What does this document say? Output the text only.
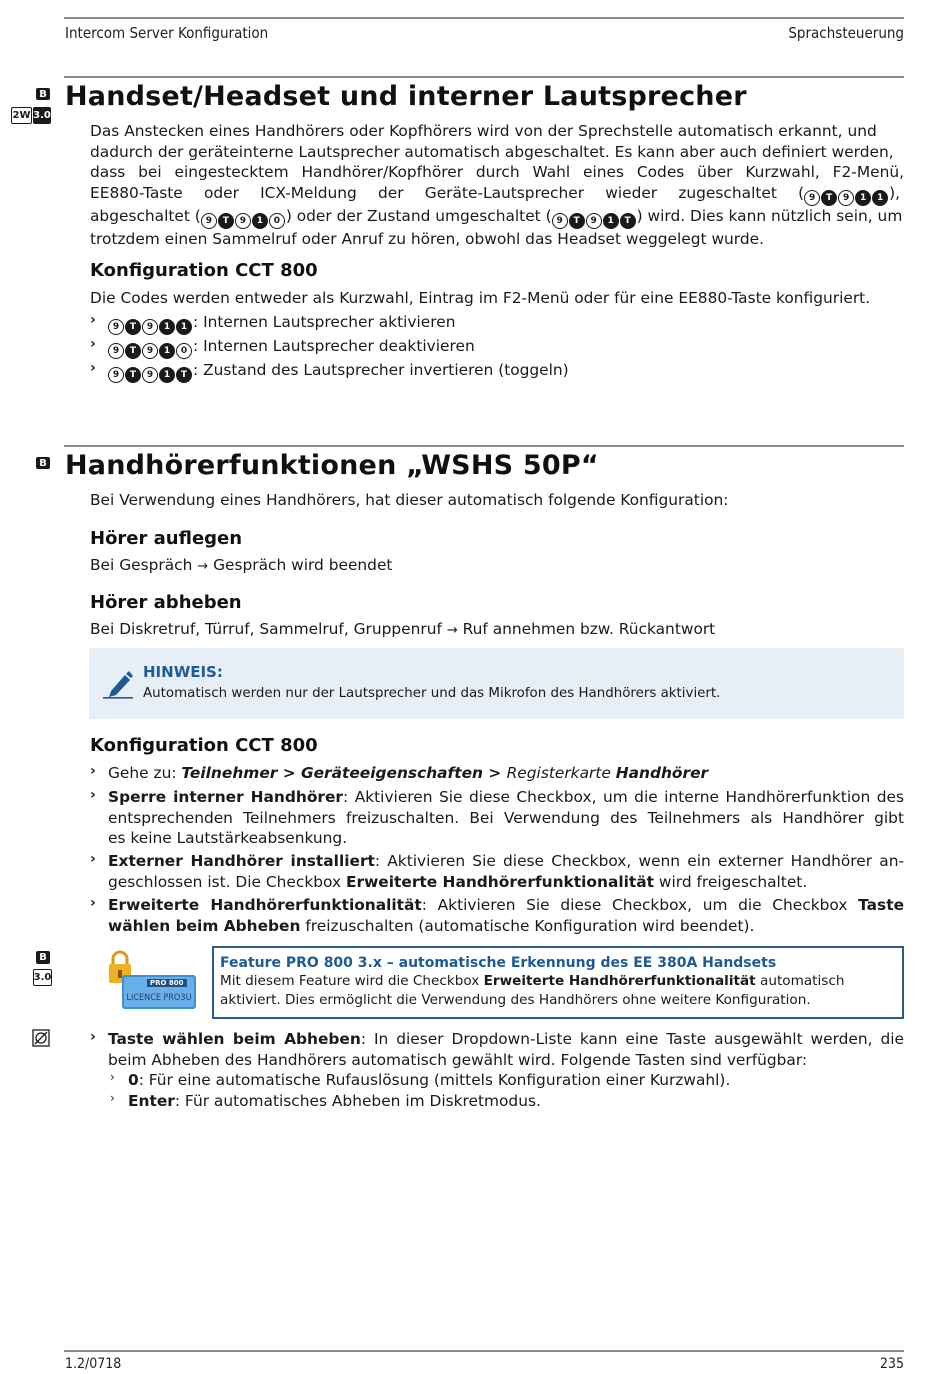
Intercom Server Konfiguration	Sprachsteuerung
B
2W 3.0
Handset/Headset und interner Lautsprecher
Das Anstecken eines Handhörers oder Kopfhörers wird von der Sprechstelle automatisch erkannt, und
dadurch der geräteinterne Lautsprecher automatisch abgeschaltet. Es kann aber auch definiert werden,
dass bei eingestecktem Handhörer/Kopfhörer durch Wahl eines Codes über Kurzwahl, F2-Menü,
EE880-Taste oder ICX-Meldung der Geräte-Lautsprecher wieder zugeschaltet ( 9 T 9 1 1 ),
abgeschaltet ( 9 T 9 1 0 ) oder der Zustand umgeschaltet ( 9 T 9 1 T ) wird. Dies kann nützlich sein, um
trotzdem einen Sammelruf oder Anruf zu hören, obwohl das Headset weggelegt wurde.
Konfiguration CCT 800
Die Codes werden entweder als Kurzwahl, Eintrag im F2-Menü oder für eine EE880-Taste konfiguriert.
›	9 T 9 1 1 : Internen Lautsprecher aktivieren
›	9 T 9 1 0 : Internen Lautsprecher deaktivieren
›	9 T 9 1 T : Zustand des Lautsprecher invertieren (toggeln)
B Handhörerfunktionen „WSHS 50P“
Bei Verwendung eines Handhörers, hat dieser automatisch folgende Konfiguration:
Hörer auflegen
Bei Gespräch → Gespräch wird beendet
Hörer abheben
Bei Diskretruf, Türruf, Sammelruf, Gruppenruf → Ruf annehmen bzw. Rückantwort
HINWEIS:
Automatisch werden nur der Lautsprecher und das Mikrofon des Handhörers aktiviert.
Konfiguration CCT 800
› Gehe zu: Teilnehmer > Geräteeigenschaften > Registerkarte Handhörer
› Sperre interner Handhörer: Aktivieren Sie diese Checkbox, um die interne Handhörerfunktion des
entsprechenden Teilnehmers freizuschalten. Bei Verwendung des Teilnehmers als Handhörer gibt
es keine Lautstärkeabsenkung.
› Externer Handhörer installiert: Aktivieren Sie diese Checkbox, wenn ein externer Handhörer an-
geschlossen ist. Die Checkbox Erweiterte Handhörerfunktionalität wird freigeschaltet.
› Erweiterte Handhörerfunktionalität: Aktivieren Sie diese Checkbox, um die Checkbox Taste
wählen beim Abheben freizuschalten (automatische Konfiguration wird beendet).
B
3.0	PRO 800
LICENCE PRO3U
Feature PRO 800 3.x – automatische Erkennung des EE 380A Handsets
Mit diesem Feature wird die Checkbox Erweiterte Handhörerfunktionalität automatisch
aktiviert. Dies ermöglicht die Verwendung des Handhörers ohne weitere Konfiguration.
› Taste wählen beim Abheben: In dieser Dropdown-Liste kann eine Taste ausgewählt werden, die
beim Abheben des Handhörers automatisch gewählt wird. Folgende Tasten sind verfügbar:
› 0: Für eine automatische Rufauslösung (mittels Konfiguration einer Kurzwahl).
› Enter: Für automatisches Abheben im Diskretmodus.
1.2/0718	235
